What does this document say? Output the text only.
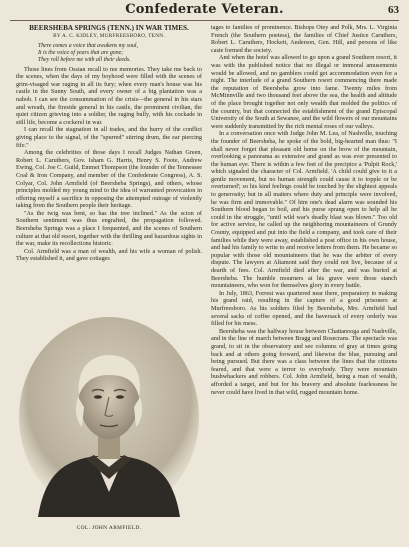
Confederate Veteran.	63
BEERSHEBA SPRINGS (TENN.) IN WAR TIMES.
BY A. C. KIDLEY, MURFREESBORO, TENN.
There comes a voice that awakens my soul,
It is the voice of years that are gone;
They roll before me with all their deeds.

Those lines from Ossian recall to me memories. They take me back to the scenes, when the days of my boyhood were filled with the scenes of grim-visaged war raging in all its fury; when every man's house was his castle in the Sunny South, and every owner of a big plantation was a nabob. I can see the consummation of the crisis—the general in his stars and wreath, the fireside general in his castle, the prominent civilian, the quiet citizen grieving into a soldier, the raging bully, with his cockade in still life, become a cockerel in war.

I can recall the stagnation in all trades, and the hurry of the conflict giving place to the signal, of the "spurred" stirring drum, the ear piercing fife."

Among the celebrities of those days I recall Judges Nathan Green, Robert L. Caruthers, Gov. Isham G. Harris, Henry S. Foote, Andrew Ewing, Col. Joe C. Guild, Emmet Thompson (the founder of the Tennessee Coal & Iron Company, and member of the Confederate Congress), A. S. Colyar, Col. John Armfield (of Beersheba Springs), and others, whose principles molded my young mind to the idea of warranted provocation in offering myself a sacrifice in opposing the attempted outrage of violently taking from the Southern people their heritage.

"As the twig was bent, so has the tree inclined." As the scion of Southern sentiment was thus engrafted, the propagation followed. Beersheba Springs was a place I frequented, and the scenes of Southern culture at that old resort, together with the thrilling and hazardous sights in the war, make its recollections historic.

Col. Armfield was a man of wealth, and his wife a woman of polish. They established it, and gave cottages

COL. JOHN ARMFIELD.

tages to families of prominence. Bishops Otey and Polk, Mrs. L. Virginia French (the Southern poetess), the families of Chief Justice Caruthers, Robert L. Caruthers, Hockett, Anderson, Gen. Hill, and persons of like caste formed the society.

And when the hotel was allowed to go upon a grand Southern resort, it was with the published notice that no illegal or immoral amusements would be allowed, and no gamblers could get accommodation even for a night. The interlude of a grand Southern resort commencing there made the reputation of Beersheba grow into fame. Twenty miles from McMinnville and two thousand feet above the sea, the health and altitude of the place brought together not only wealth that molded the politics of the country, but that connected the establishment of the grand Episcopal University of the South at Sewanee, and the wild flowers of our mountains were suddenly transmitted by the rich mental roses of our valleys.

In a conversation once with Judge John M. Lea, of Nashville, touching the founder of Beersheba, he spoke of the bold, big-hearted man thus: "I shall never forget that pleasant old home on the brow of the mountain, overlooking a panorama as extensive and grand as was ever presented to the human eye. There is within a few feet of the precipice a 'Pulpit Rock,' which signaled the character of Col. Armfield. 'A child could give to it a gentle movement, but no human strength could cause it to topple or be overturned'; so his kind feelings could be touched by the slightest appeals to generosity; but in all matters where duty and principle were involved, he was firm and immovable." Of him one's dead alarm was sounded his Southern blood began to boil, and his purse sprang open to help all he could in the struggle, "until wild war's deadly blast was blown." Too old for active service, he called up the neighboring mountaineers of Grundy County, equipped and put into the field a company, and took care of their families while they were away, established a post office in his own house, and had his family to write to and receive letters from them. He became so popular with those old mountaineers that he was the arbiter of every dispute. The lawyers at Altamont said they could not live, because of a dearth of fees. Col. Armfield died after the war, and was buried at Beersheba. The humble mourners at his grave were those stanch mountaineers, who won for themselves glory in every battle.

In July, 1863, Forrest was quartered near there, preparatory to making his grand raid, resulting in the capture of a good prisoners at Murfreesboro. As his soldiers filed by Beersheba, Mrs. Armfield had several sacks of coffee opened, and the haversack of every orderly was filled for his mess.

Beersheba was the halfway house between Chattanooga and Nashville, and in the line of march between Bragg and Rosecrans. The spectacle was grand, to sit in the observatory and see columns of gray at times going back and at others going forward, and likewise the blue, pursuing and being pursued. But there was a class between the lines that the citizens feared, and that were a terror to everybody. They were mountain bushwhackers and robbers. Col. John Armfield, being a man of wealth, afforded a target, and but for his bravery and absolute fearlessness he never could have lived in that wild, rugged mountain home.
